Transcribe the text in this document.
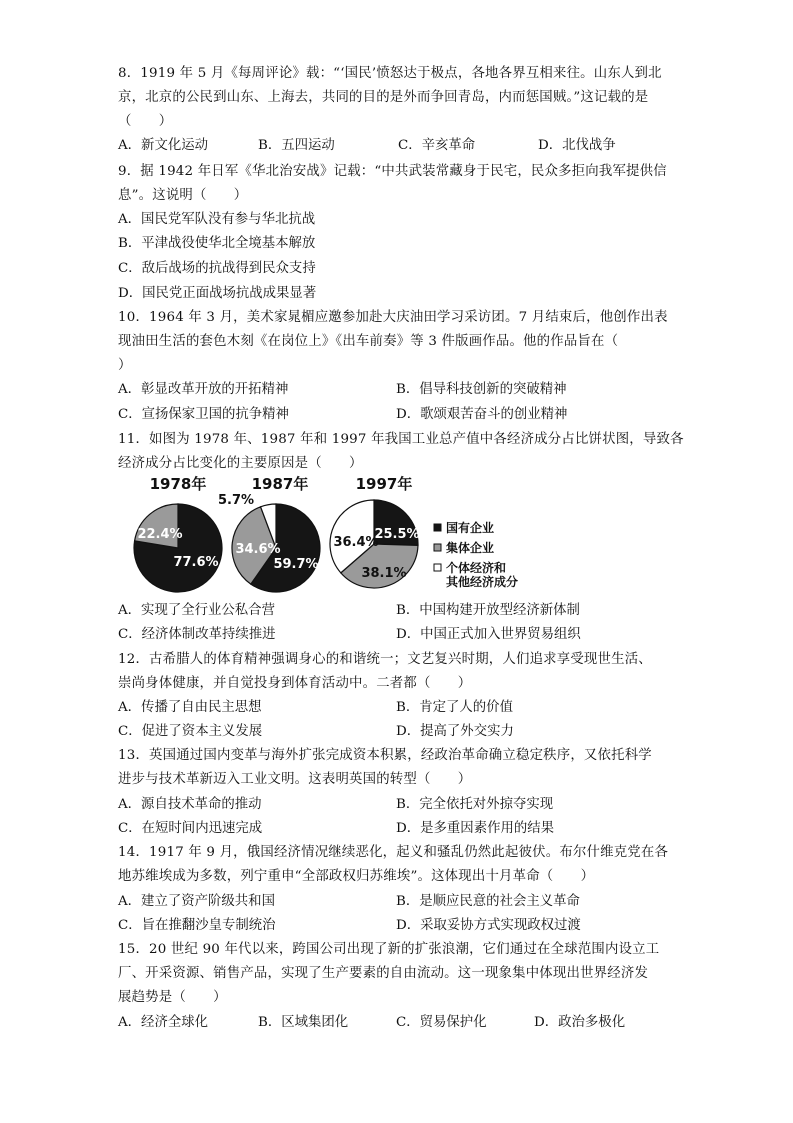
8．1919 年 5 月《每周评论》载：“‘国民’愤怒达于极点，各地各界互相来往。山东人到北
京，北京的公民到山东、上海去，共同的目的是外而争回青岛，内而惩国贼。”这记载的是
（　　）
A．新文化运动	B．五四运动	C．辛亥革命	D．北伐战争
9．据 1942 年日军《华北治安战》记载：“中共武装常藏身于民宅，民众多拒向我军提供信
息”。这说明（　　）
A．国民党军队没有参与华北抗战
B．平津战役使华北全境基本解放
C．敌后战场的抗战得到民众支持
D．国民党正面战场抗战成果显著
10．1964 年 3 月，美术家晁楣应邀参加赴大庆油田学习采访团。7 月结束后，他创作出表
现油田生活的套色木刻《在岗位上》《出车前奏》等 3 件版画作品。他的作品旨在（
）
A．彰显改革开放的开拓精神	B．倡导科技创新的突破精神
C．宣扬保家卫国的抗争精神	D．歌颂艰苦奋斗的创业精神
11．如图为 1978 年、1987 年和 1997 年我国工业总产值中各经济成分占比饼状图，导致各
经济成分占比变化的主要原因是（　　）
77.6%
22.4%
1978年
59.7%
34.6%
5.7%
1987年
25.5%
38.1%
36.4%
1997年
国有企业
集体企业
个体经济和
其他经济成分
A．实现了全行业公私合营	B．中国构建开放型经济新体制
C．经济体制改革持续推进	D．中国正式加入世界贸易组织
12．古希腊人的体育精神强调身心的和谐统一；文艺复兴时期，人们追求享受现世生活、
崇尚身体健康，并自觉投身到体育活动中。二者都（　　）
A．传播了自由民主思想	B．肯定了人的价值
C．促进了资本主义发展	D．提高了外交实力
13．英国通过国内变革与海外扩张完成资本积累，经政治革命确立稳定秩序，又依托科学
进步与技术革新迈入工业文明。这表明英国的转型（　　）
A．源自技术革命的推动	B．完全依托对外掠夺实现
C．在短时间内迅速完成	D．是多重因素作用的结果
14．1917 年 9 月，俄国经济情况继续恶化，起义和骚乱仍然此起彼伏。布尔什维克党在各
地苏维埃成为多数，列宁重申“全部政权归苏维埃”。这体现出十月革命（　　）
A．建立了资产阶级共和国	B．是顺应民意的社会主义革命
C．旨在推翻沙皇专制统治	D．采取妥协方式实现政权过渡
15．20 世纪 90 年代以来，跨国公司出现了新的扩张浪潮，它们通过在全球范围内设立工
厂、开采资源、销售产品，实现了生产要素的自由流动。这一现象集中体现出世界经济发
展趋势是（　　）
A．经济全球化	B．区域集团化	C．贸易保护化	D．政治多极化
